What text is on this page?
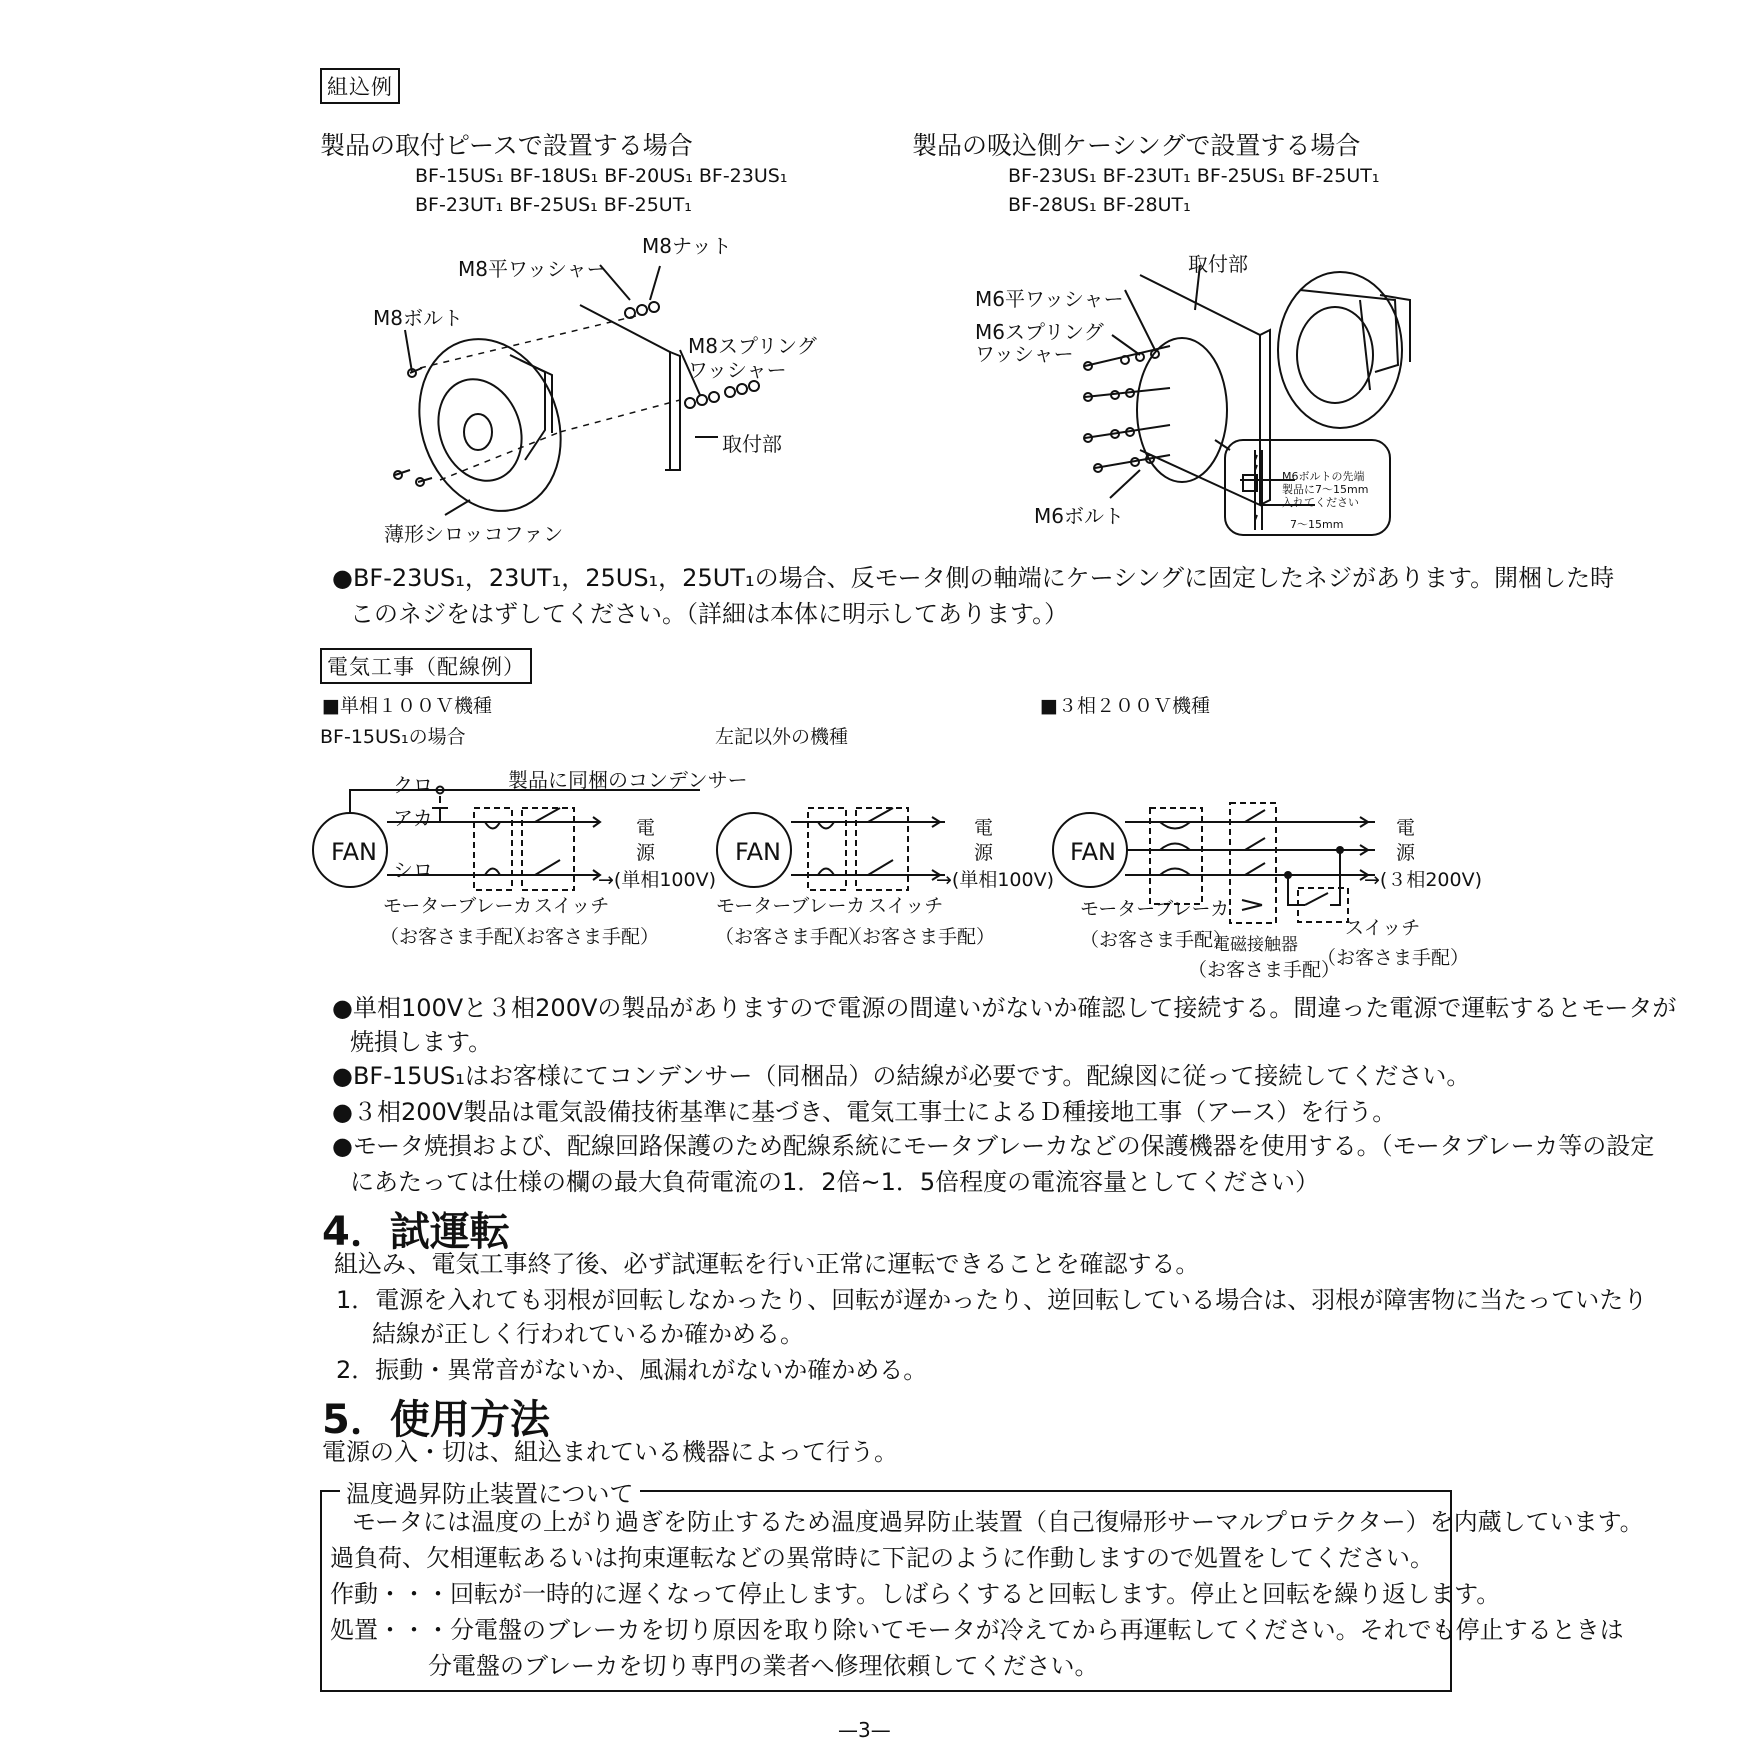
組込例
製品の取付ピースで設置する場合
BF-15US₁ BF-18US₁ BF-20US₁ BF-23US₁
BF-23UT₁ BF-25US₁ BF-25UT₁
製品の吸込側ケーシングで設置する場合
BF-23US₁ BF-23UT₁ BF-25US₁ BF-25UT₁
BF-28US₁ BF-28UT₁
M8ナット
M8平ワッシャー
M8ボルト
M8スプリング
ワッシャー
取付部
薄形シロッコファン
取付部
M6平ワッシャー
M6スプリング
ワッシャー
M6ボルト
M6ボルトの先端
製品に7〜15mm
入れてください
7〜15mm
●BF-23US₁，23UT₁，25US₁，25UT₁の場合、反モータ側の軸端にケーシングに固定したネジがあります。開梱した時
このネジをはずしてください。（詳細は本体に明示してあります。）
電気工事（配線例）
■単相１００Ｖ機種
BF-15US₁の場合	左記以外の機種
■３相２００Ｖ機種
FAN	FAN	FAN
クロ
アカ
シロ
製品に同梱のコンデンサー
電
源
→(単相100V)
電
源
→(単相100V)
電
源
→(３相200V)
モーターブレーカ スイッチ
（お客さま手配）
（お客さま手配）
モーターブレーカ スイッチ
（お客さま手配）
（お客さま手配）
モーターブレーカ
（お客さま手配）
電磁接触器
（お客さま手配）
スイッチ
（お客さま手配）
●単相100Vと３相200Vの製品がありますので電源の間違いがないか確認して接続する。間違った電源で運転するとモータが
焼損します。
●BF-15US₁はお客様にてコンデンサー（同梱品）の結線が必要です。配線図に従って接続してください。
●３相200V製品は電気設備技術基準に基づき、電気工事士によるＤ種接地工事（アース）を行う。
●モータ焼損および、配線回路保護のため配線系統にモータブレーカなどの保護機器を使用する。（モータブレーカ等の設定
にあたっては仕様の欄の最大負荷電流の1．2倍~1．5倍程度の電流容量としてください）
4．試運転
組込み、電気工事終了後、必ず試運転を行い正常に運転できることを確認する。
1．電源を入れても羽根が回転しなかったり、回転が遅かったり、逆回転している場合は、羽根が障害物に当たっていたり
結線が正しく行われているか確かめる。
2．振動・異常音がないか、風漏れがないか確かめる。
5．使用方法
電源の入・切は、組込まれている機器によって行う。
温度過昇防止装置について
モータには温度の上がり過ぎを防止するため温度過昇防止装置（自己復帰形サーマルプロテクター）を内蔵しています。
過負荷、欠相運転あるいは拘束運転などの異常時に下記のように作動しますので処置をしてください。
作動・・・回転が一時的に遅くなって停止します。しばらくすると回転します。停止と回転を繰り返します。
処置・・・分電盤のブレーカを切り原因を取り除いてモータが冷えてから再運転してください。それでも停止するときは
分電盤のブレーカを切り専門の業者へ修理依頼してください。
—3—
